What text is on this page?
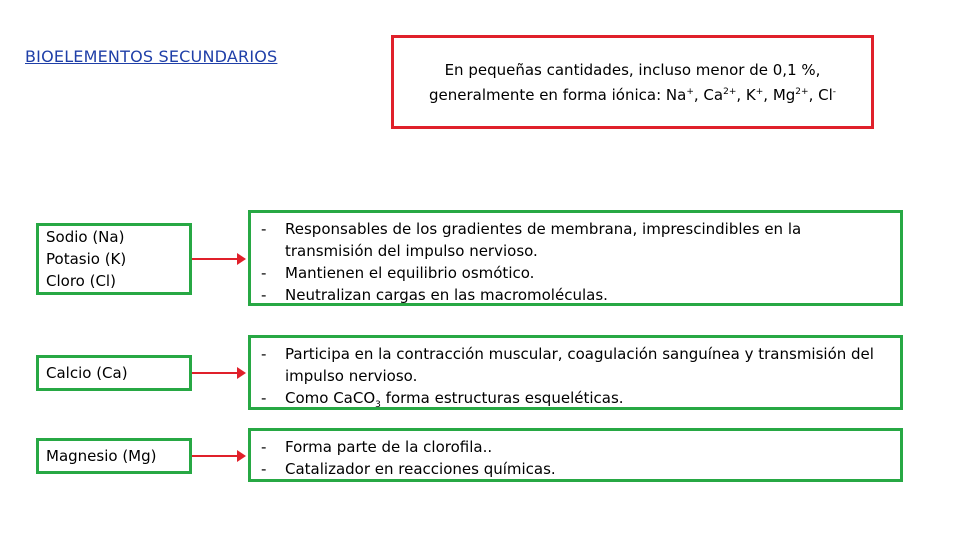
BIOELEMENTOS SECUNDARIOS
En pequeñas cantidades, incluso menor de 0,1 %,
generalmente en forma iónica: Na+, $Ca^{2+}$, K+, $Mg^{2+}$, Cl-
Sodio (Na)
Potasio (K)
Cloro (Cl)
- Responsables de los gradientes de membrana, imprescindibles en la transmisión del impulso nervioso.
- Mantienen el equilibrio osmótico.
- Neutralizan cargas en las macromoléculas.
Calcio (Ca)
- Participa en la contracción muscular, coagulación sanguínea y transmisión del impulso nervioso.
- Como CaCO$_3$ forma estructuras esqueléticas.
Magnesio (Mg)
-	Forma parte de la clorofila..
- Catalizador en reacciones químicas.
